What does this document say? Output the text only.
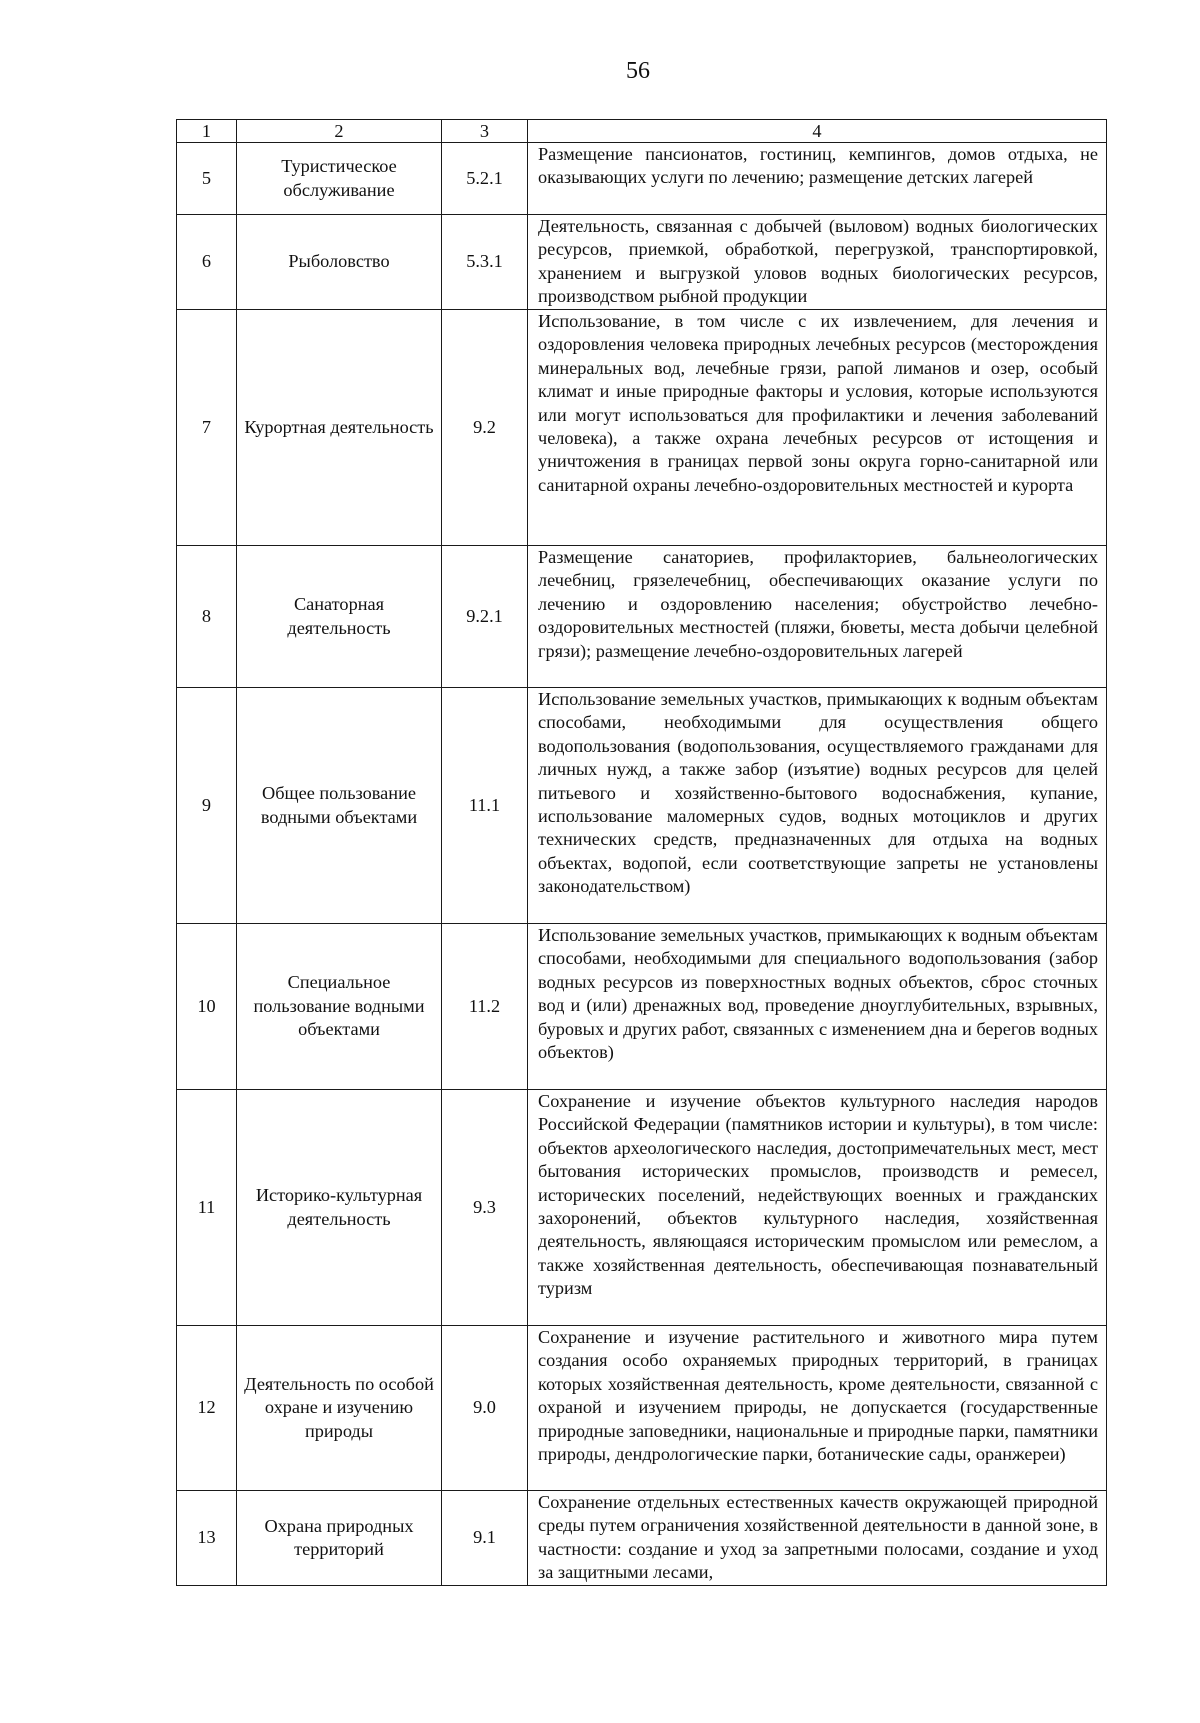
56
1	2	3	4
5	Туристическое обслуживание	5.2.1	Размещение пансионатов, гостиниц, кемпингов, домов отдыха, не оказывающих услуги по лечению; размещение детских лагерей
6	Рыболовство	5.3.1	Деятельность, связанная с добычей (выловом) водных биологических ресурсов, приемкой, обработкой, перегрузкой, транспортировкой, хранением и выгрузкой уловов водных биологических ресурсов, производством рыбной продукции
7	Курортная деятельность	9.2	Использование, в том числе с их извлечением, для лечения и оздоровления человека природных лечебных ресурсов (месторождения минеральных вод, лечебные грязи, рапой лиманов и озер, особый климат и иные природные факторы и условия, которые используются или могут использоваться для профилактики и лечения заболеваний человека), а также охрана лечебных ресурсов от истощения и уничтожения в границах первой зоны округа горно-санитарной или санитарной охраны лечебно-оздоровительных местностей и курорта
8	Санаторная деятельность	9.2.1	Размещение санаториев, профилакториев, бальнеологических лечебниц, грязелечебниц, обеспечивающих оказание услуги по лечению и оздоровлению населения; обустройство лечебно-оздоровительных местностей (пляжи, бюветы, места добычи целебной грязи); размещение лечебно-оздоровительных лагерей
9	Общее пользование водными объектами	11.1	Использование земельных участков, примыкающих к водным объектам способами, необходимыми для осуществления общего водопользования (водопользования, осуществляемого гражданами для личных нужд, а также забор (изъятие) водных ресурсов для целей питьевого и хозяйственно-бытового водоснабжения, купание, использование маломерных судов, водных мотоциклов и других технических средств, предназначенных для отдыха на водных объектах, водопой, если соответствующие запреты не установлены законодательством)
10	Специальное пользование водными объектами	11.2	Использование земельных участков, примыкающих к водным объектам способами, необходимыми для специального водопользования (забор водных ресурсов из поверхностных водных объектов, сброс сточных вод и (или) дренажных вод, проведение дноуглубительных, взрывных, буровых и других работ, связанных с изменением дна и берегов водных объектов)
11	Историко-культурная деятельность	9.3	Сохранение и изучение объектов культурного наследия народов Российской Федерации (памятников истории и культуры), в том числе: объектов археологического наследия, достопримечательных мест, мест бытования исторических промыслов, производств и ремесел, исторических поселений, недействующих военных и гражданских захоронений, объектов культурного наследия, хозяйственная деятельность, являющаяся историческим промыслом или ремеслом, а также хозяйственная деятельность, обеспечивающая познавательный туризм
12	Деятельность по особой охране и изучению природы	9.0	Сохранение и изучение растительного и животного мира путем создания особо охраняемых природных территорий, в границах которых хозяйственная деятельность, кроме деятельности, связанной с охраной и изучением природы, не допускается (государственные природные заповедники, национальные и природные парки, памятники природы, дендрологические парки, ботанические сады, оранжереи)
13	Охрана природных территорий	9.1	Сохранение отдельных естественных качеств окружающей природной среды путем ограничения хозяйственной деятельности в данной зоне, в частности: создание и уход за запретными полосами, создание и уход за защитными лесами,
